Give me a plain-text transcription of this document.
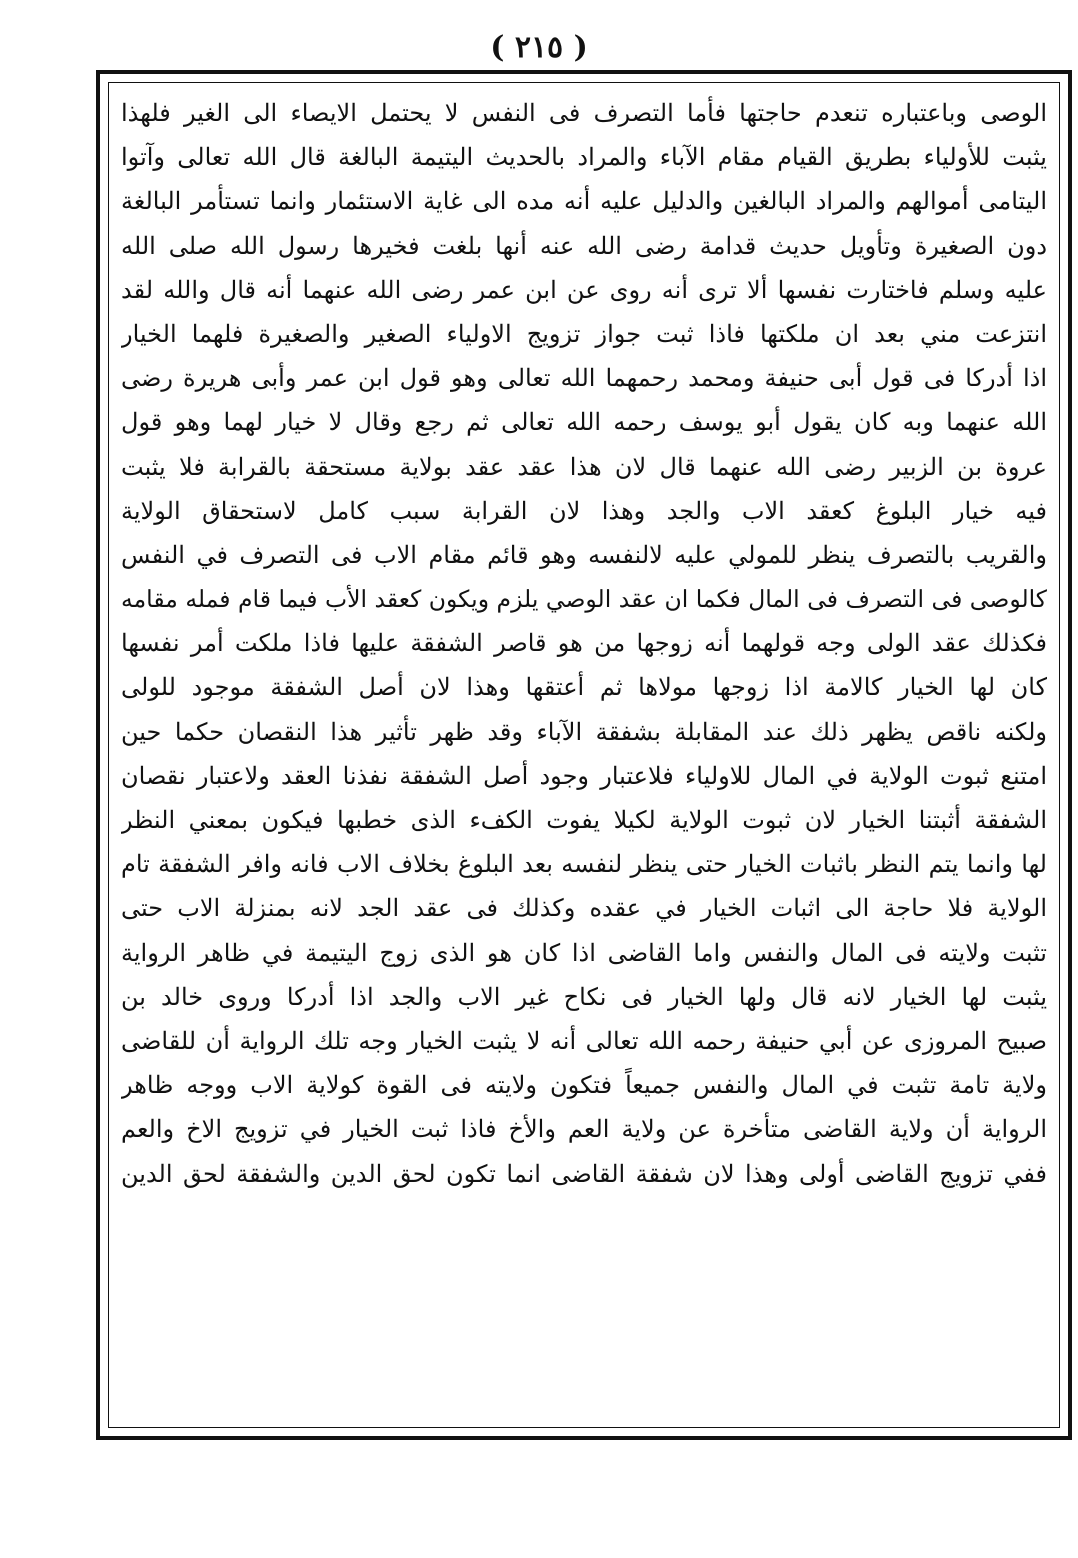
( ٢١٥ )
الوصى وباعتباره تنعدم حاجتها فأما التصرف فى النفس لا يحتمل الايصاء الى الغير فلهذا
يثبت للأولياء بطريق القيام مقام الآباء والمراد بالحديث اليتيمة البالغة قال الله تعالى وآتوا
اليتامى أموالهم والمراد البالغين والدليل عليه أنه مده الى غاية الاستئمار وانما تستأمر البالغة
دون الصغيرة وتأويل حديث قدامة رضى الله عنه أنها بلغت فخيرها رسول الله صلى الله
عليه وسلم فاختارت نفسها ألا ترى أنه روى عن ابن عمر رضى الله عنهما أنه قال والله لقد
انتزعت مني بعد ان ملكتها فاذا ثبت جواز تزويج الاولياء الصغير والصغيرة فلهما الخيار
اذا أدركا فى قول أبى حنيفة ومحمد رحمهما الله تعالى وهو قول ابن عمر وأبى هريرة رضى
الله عنهما وبه كان يقول أبو يوسف رحمه الله تعالى ثم رجع وقال لا خيار لهما وهو قول
عروة بن الزبير رضى الله عنهما قال لان هذا عقد عقد بولاية مستحقة بالقرابة فلا يثبت
فيه خيار البلوغ كعقد الاب والجد وهذا لان القرابة سبب كامل لاستحقاق الولاية
والقريب بالتصرف ينظر للمولي عليه لالنفسه وهو قائم مقام الاب فى التصرف في النفس
كالوصى فى التصرف فى المال فكما ان عقد الوصي يلزم ويكون كعقد الأب فيما قام فمله مقامه
فكذلك عقد الولى وجه قولهما أنه زوجها من هو قاصر الشفقة عليها فاذا ملكت أمر نفسها
كان لها الخيار كالامة اذا زوجها مولاها ثم أعتقها وهذا لان أصل الشفقة موجود للولى
ولكنه ناقص يظهر ذلك عند المقابلة بشفقة الآباء وقد ظهر تأثير هذا النقصان حكما حين
امتنع ثبوت الولاية في المال للاولياء فلاعتبار وجود أصل الشفقة نفذنا العقد ولاعتبار نقصان
الشفقة أثبتنا الخيار لان ثبوت الولاية لكيلا يفوت الكفء الذى خطبها فيكون بمعني النظر
لها وانما يتم النظر باثبات الخيار حتى ينظر لنفسه بعد البلوغ بخلاف الاب فانه وافر الشفقة تام
الولاية فلا حاجة الى اثبات الخيار في عقده وكذلك فى عقد الجد لانه بمنزلة الاب حتى
تثبت ولايته فى المال والنفس واما القاضى اذا كان هو الذى زوج اليتيمة في ظاهر الرواية
يثبت لها الخيار لانه قال ولها الخيار فى نكاح غير الاب والجد اذا أدركا وروى خالد بن
صبيح المروزى عن أبي حنيفة رحمه الله تعالى أنه لا يثبت الخيار وجه تلك الرواية أن للقاضى
ولاية تامة تثبت في المال والنفس جميعاً فتكون ولايته فى القوة كولاية الاب ووجه ظاهر
الرواية أن ولاية القاضى متأخرة عن ولاية العم والأخ فاذا ثبت الخيار في تزويج الاخ والعم
ففي تزويج القاضى أولى وهذا لان شفقة القاضى انما تكون لحق الدين والشفقة لحق الدين
